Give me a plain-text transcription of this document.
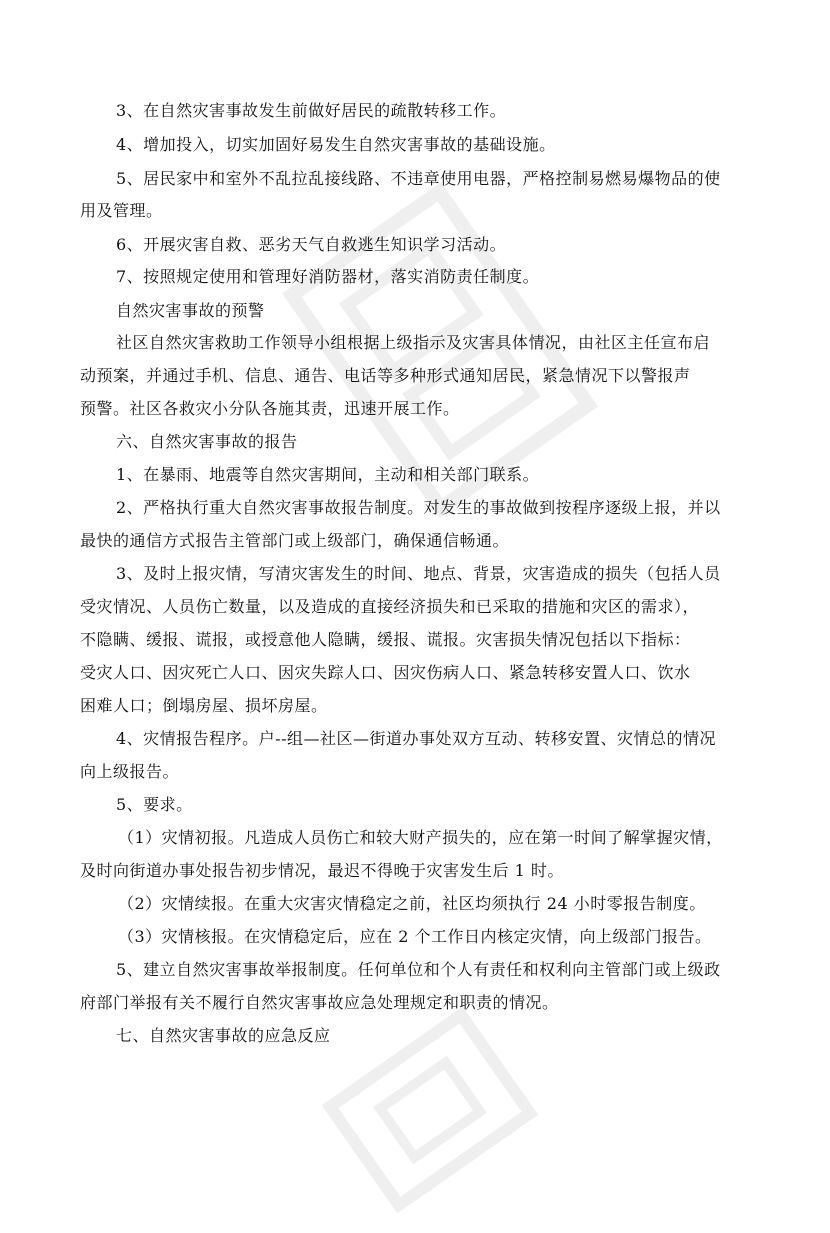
3、在自然灾害事故发生前做好居民的疏散转移工作。
4、增加投入，切实加固好易发生自然灾害事故的基础设施。
5、居民家中和室外不乱拉乱接线路、不违章使用电器，严格控制易燃易爆物品的使
用及管理。
6、开展灾害自救、恶劣天气自救逃生知识学习活动。
7、按照规定使用和管理好消防器材，落实消防责任制度。
自然灾害事故的预警
社区自然灾害救助工作领导小组根据上级指示及灾害具体情况，由社区主任宣布启
动预案，并通过手机、信息、通告、电话等多种形式通知居民，紧急情况下以警报声
预警。社区各救灾小分队各施其责，迅速开展工作。
六、自然灾害事故的报告
1、在暴雨、地震等自然灾害期间，主动和相关部门联系。
2、严格执行重大自然灾害事故报告制度。对发生的事故做到按程序逐级上报，并以
最快的通信方式报告主管部门或上级部门，确保通信畅通。
3、及时上报灾情，写清灾害发生的时间、地点、背景，灾害造成的损失（包括人员
受灾情况、人员伤亡数量，以及造成的直接经济损失和已采取的措施和灾区的需求），
不隐瞒、缓报、谎报，或授意他人隐瞒，缓报、谎报。灾害损失情况包括以下指标：
受灾人口、因灾死亡人口、因灾失踪人口、因灾伤病人口、紧急转移安置人口、饮水
困难人口；倒塌房屋、损坏房屋。
4、灾情报告程序。户--组—社区—街道办事处双方互动、转移安置、灾情总的情况
向上级报告。
5、要求。
（1）灾情初报。凡造成人员伤亡和较大财产损失的，应在第一时间了解掌握灾情，
及时向街道办事处报告初步情况，最迟不得晚于灾害发生后 1 时。
（2）灾情续报。在重大灾害灾情稳定之前，社区均须执行 24 小时零报告制度。
（3）灾情核报。在灾情稳定后，应在 2 个工作日内核定灾情，向上级部门报告。
5、建立自然灾害事故举报制度。任何单位和个人有责任和权利向主管部门或上级政
府部门举报有关不履行自然灾害事故应急处理规定和职责的情况。
七、自然灾害事故的应急反应
